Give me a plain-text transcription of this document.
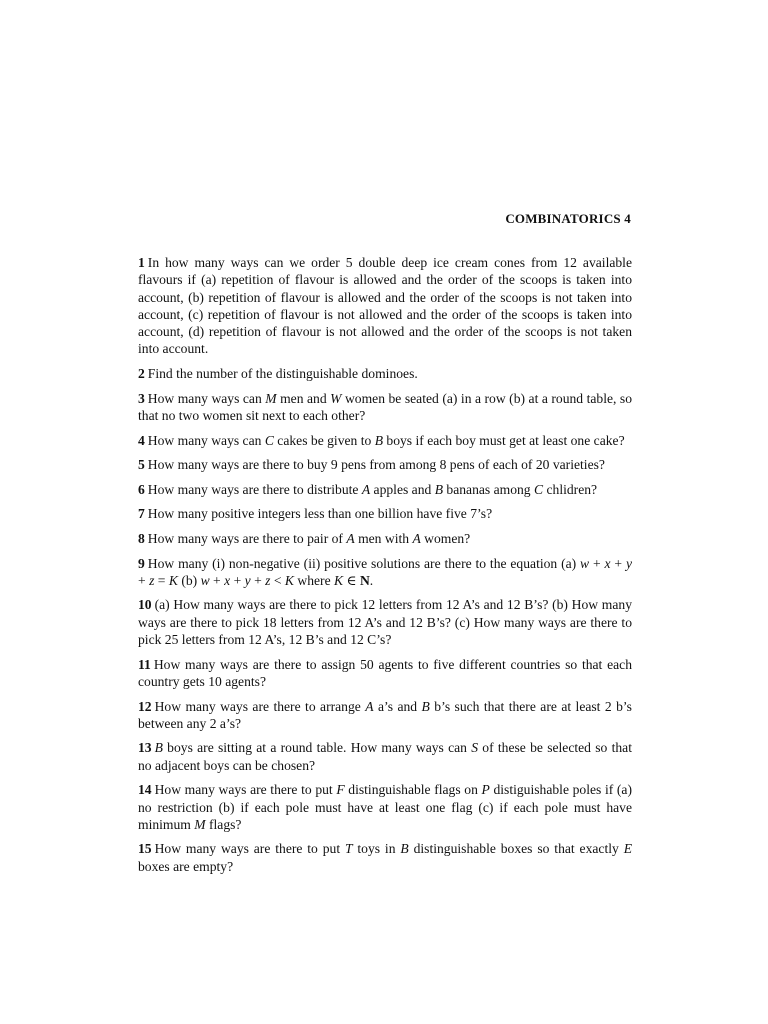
COMBINATORICS 4

1 In how many ways can we order 5 double deep ice cream cones from 12 available flavours if (a) repetition of flavour is allowed and the order of the scoops is taken into account, (b) repetition of flavour is allowed and the order of the scoops is not taken into account, (c) repetition of flavour is not allowed and the order of the scoops is taken into account, (d) repetition of flavour is not allowed and the order of the scoops is not taken into account.

2 Find the number of the distinguishable dominoes.

3 How many ways can M men and W women be seated (a) in a row (b) at a round table, so that no two women sit next to each other?

4 How many ways can C cakes be given to B boys if each boy must get at least one cake?

5 How many ways are there to buy 9 pens from among 8 pens of each of 20 varieties?

6 How many ways are there to distribute A apples and B bananas among C chlidren?

7 How many positive integers less than one billion have five 7’s?

8 How many ways are there to pair of A men with A women?

9 How many (i) non-negative (ii) positive solutions are there to the equation (a) w + x + y + z = K (b) w + x + y + z < K where K ∈ N.

10 (a) How many ways are there to pick 12 letters from 12 A’s and 12 B’s? (b) How many ways are there to pick 18 letters from 12 A’s and 12 B’s? (c) How many ways are there to pick 25 letters from 12 A’s, 12 B’s and 12 C’s?

11 How many ways are there to assign 50 agents to five different countries so that each country gets 10 agents?

12 How many ways are there to arrange A a’s and B b’s such that there are at least 2 b’s between any 2 a’s?

13 B boys are sitting at a round table. How many ways can S of these be selected so that no adjacent boys can be chosen?

14 How many ways are there to put F distinguishable flags on P distiguishable poles if (a) no restriction (b) if each pole must have at least one flag (c) if each pole must have minimum M flags?

15 How many ways are there to put T toys in B distinguishable boxes so that exactly E boxes are empty?
